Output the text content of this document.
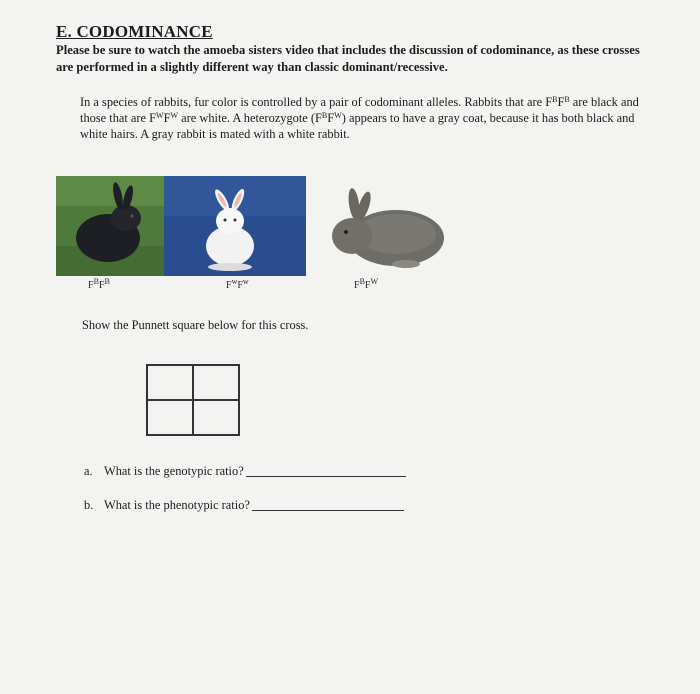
E. CODOMINANCE
Please be sure to watch the amoeba sisters video that includes the discussion of codominance, as these crosses are performed in a slightly different way than classic dominant/recessive.
In a species of rabbits, fur color is controlled by a pair of codominant alleles. Rabbits that are $F^BF^B$ are black and those that are $F^WF^W$ are white. A heterozygote $(F^BF^W)$ appears to have a gray coat, because it has both black and white hairs. A gray rabbit is mated with a white rabbit.
$F^BF^B$	$F^wF^w$	$F^BF^W$
Show the Punnett square below for this cross.
a. What is the genotypic ratio?
b. What is the phenotypic ratio?
